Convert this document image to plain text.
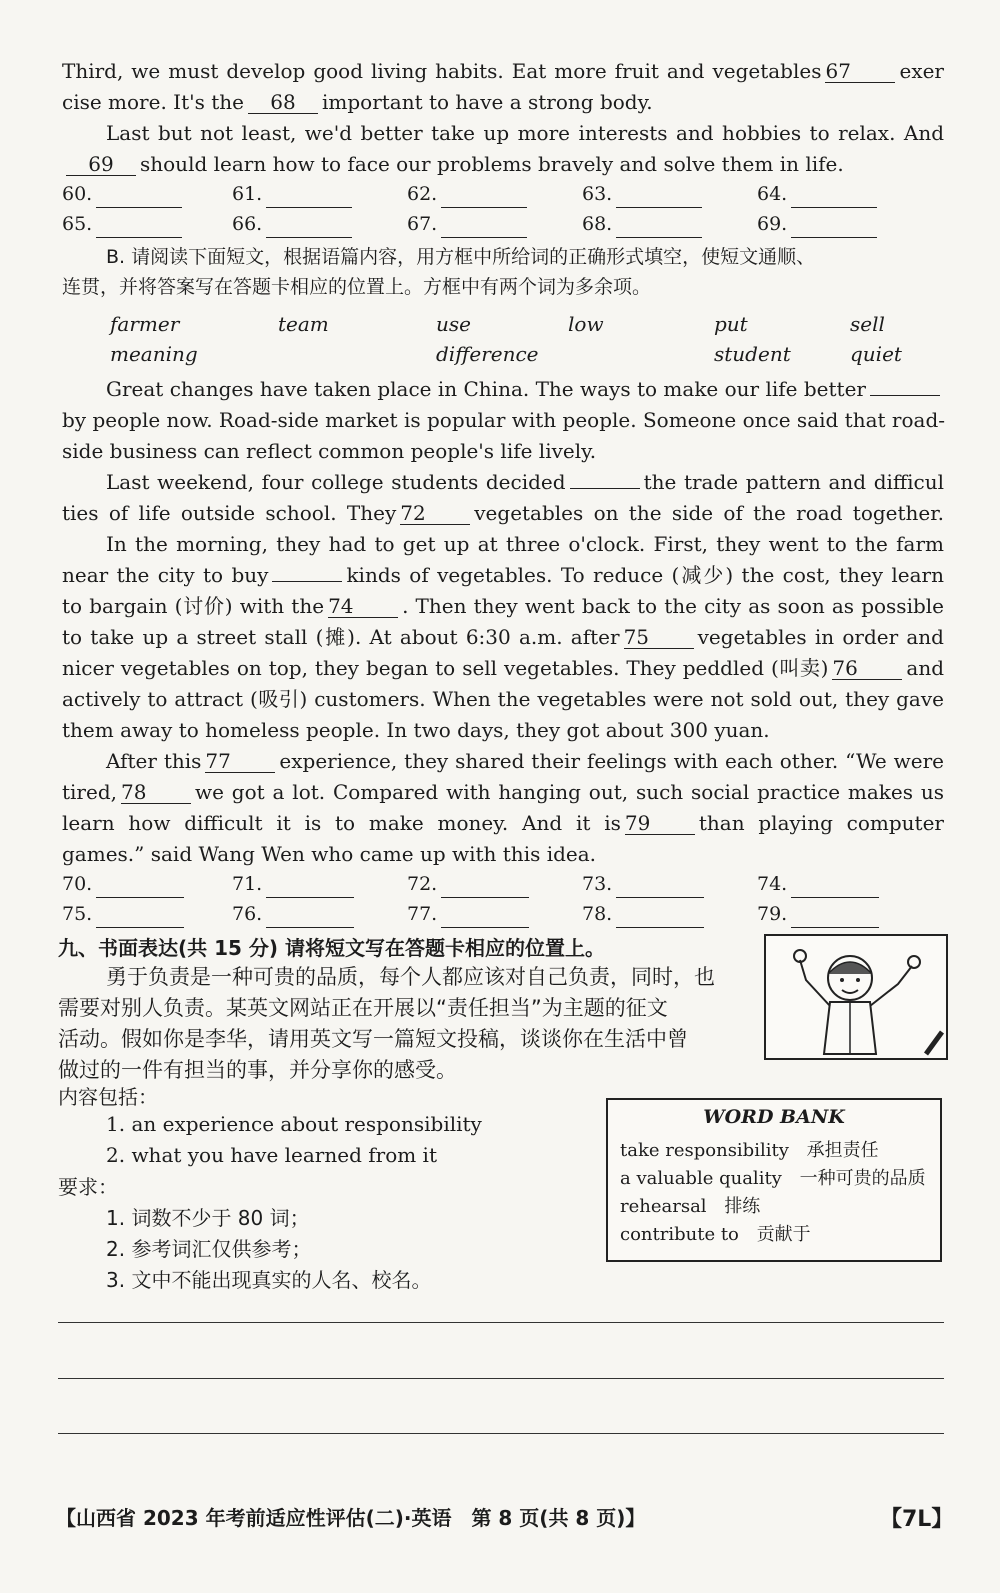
Third, we must develop good living habits. Eat more fruit and vegetables 67 exer

cise more. It's the 68 important to have a strong body.

Last but not least, we'd better take up more interests and hobbies to relax. And

69 should learn how to face our problems bravely and solve them in life.

60.	61.	62.	63.	64.
65.	66.	67.	68.	69.

B. 请阅读下面短文，根据语篇内容，用方框中所给词的正确形式填空，使短文通顺、

连贯，并将答案写在答题卡相应的位置上。方框中有两个词为多余项。

farmer	team	use	low	put	sell
meaning	difference	student	quiet

Great changes have taken place in China. The ways to make our life better

by people now. Road-side market is popular with people. Someone once said that road-

side business can reflect common people's life lively.

Last weekend, four college students decided	the trade pattern and difficul

ties of life outside school. They 72 vegetables on the side of the road together.

In the morning, they had to get up at three o'clock. First, they went to the farm

near the city to buy	kinds of vegetables. To reduce (减少) the cost, they learn

to bargain (讨价) with the 74 . Then they went back to the city as soon as possible

to take up a street stall (摊). At about 6:30 a.m. after 75 vegetables in order and

nicer vegetables on top, they began to sell vegetables. They peddled (叫卖) 76 and

actively to attract (吸引) customers. When the vegetables were not sold out, they gave

them away to homeless people. In two days, they got about 300 yuan.

After this 77 experience, they shared their feelings with each other. “We were

tired, 78 we got a lot. Compared with hanging out, such social practice makes us

learn how difficult it is to make money. And it is 79 than playing computer

games.” said Wang Wen who came up with this idea.

70.	71.	72.	73.	74.
75.	76.	77.	78.	79.
九、书面表达(共 15 分) 请将短文写在答题卡相应的位置上。

勇于负责是一种可贵的品质，每个人都应该对自己负责，同时，也

需要对别人负责。某英文网站正在开展以“责任担当”为主题的征文

活动。假如你是李华，请用英文写一篇短文投稿，谈谈你在生活中曾

做过的一件有担当的事，并分享你的感受。

内容包括：

1. an experience about responsibility

2. what you have learned from it

要求：

1. 词数不少于 80 词；

2. 参考词汇仅供参考；

3. 文中不能出现真实的人名、校名。

WORD BANK
take responsibility 承担责任
a valuable quality 一种可贵的品质
rehearsal 排练
contribute to 贡献于
【山西省 2023 年考前适应性评估(二)·英语　第 8 页(共 8 页)】	【7L】
